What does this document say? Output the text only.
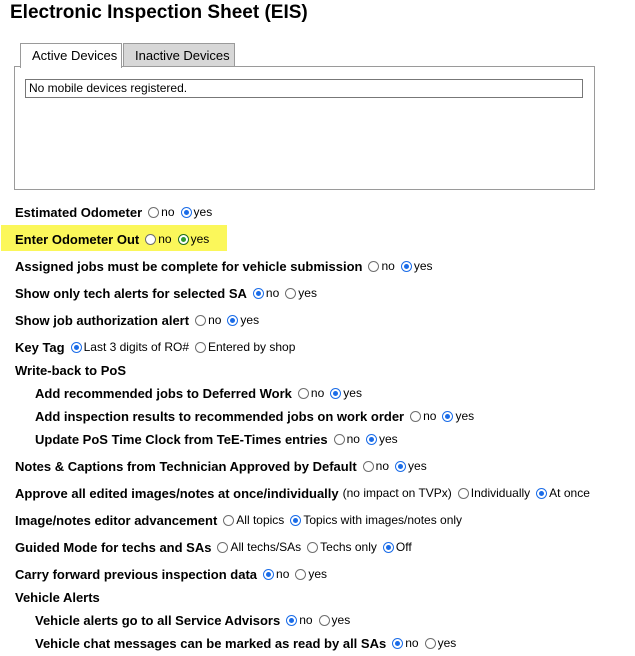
Electronic Inspection Sheet (EIS)
Inactive Devices
Active Devices
No mobile devices registered.
Estimated Odometer no yes
Enter Odometer Out no yes
Assigned jobs must be complete for vehicle submission no yes
Show only tech alerts for selected SA no yes
Show job authorization alert no yes
Key Tag Last 3 digits of RO# Entered by shop
Write-back to PoS
Add recommended jobs to Deferred Work no yes
Add inspection results to recommended jobs on work order no yes
Update PoS Time Clock from TeE-Times entries no yes
Notes & Captions from Technician Approved by Default no yes
Approve all edited images/notes at once/individually (no impact on TVPx) Individually At once
Image/notes editor advancement All topics Topics with images/notes only
Guided Mode for techs and SAs All techs/SAs Techs only Off
Carry forward previous inspection data no yes
Vehicle Alerts
Vehicle alerts go to all Service Advisors no yes
Vehicle chat messages can be marked as read by all SAs no yes
